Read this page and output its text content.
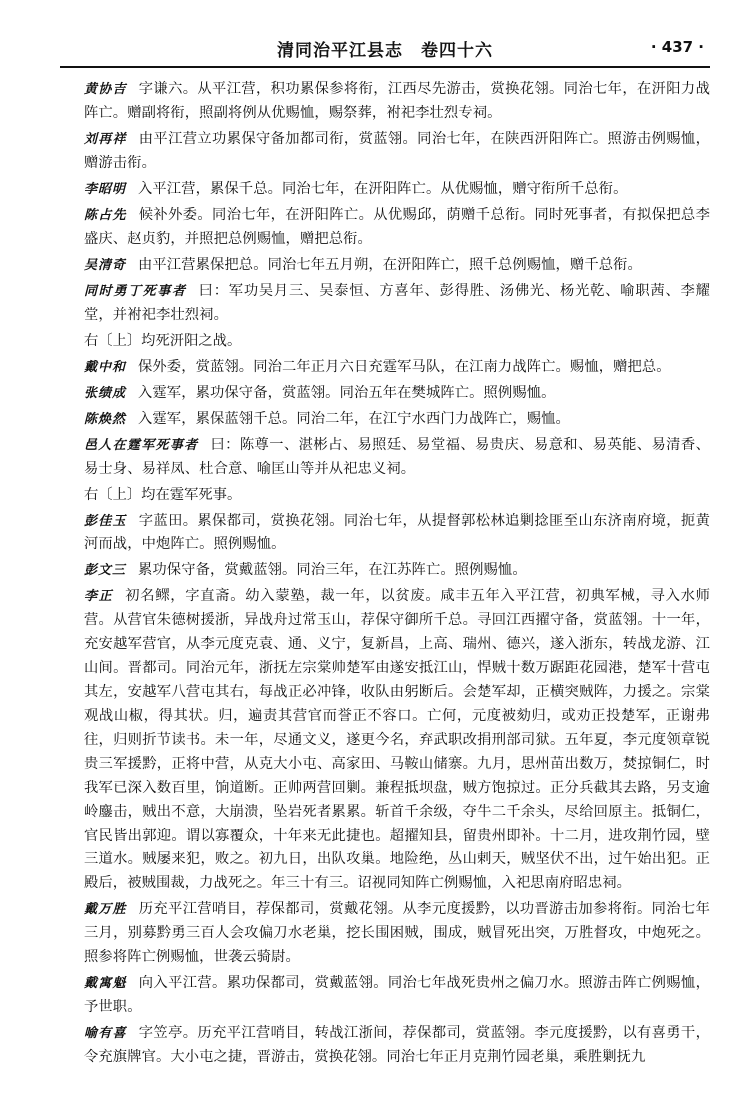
清同治平江县志　卷四十六	· 437 ·

黄协吉 字谦六。从平江营，积功累保参将衔，江西尽先游击，赏换花翎。同治七年，在汧阳力战阵亡。赠副将衔，照副将例从优赐恤，赐祭葬，袝祀李壮烈专祠。

刘再祥 由平江营立功累保守备加都司衔，赏蓝翎。同治七年，在陕西汧阳阵亡。照游击例赐恤，赠游击衔。

李昭明 入平江营，累保千总。同治七年，在汧阳阵亡。从优赐恤，赠守衔所千总衔。

陈占先 候补外委。同治七年，在汧阳阵亡。从优赐邱，荫赠千总衔。同时死事者，有拟保把总李盛庆、赵贞豹，并照把总例赐恤，赠把总衔。

吴清奇 由平江营累保把总。同治七年五月朔，在汧阳阵亡，照千总例赐恤，赠千总衔。

同时勇丁死事者 曰：军功吴月三、吴泰恒、方喜年、彭得胜、汤佛光、杨光乾、喻职茜、李耀堂，并袝祀李壮烈祠。

右〔上〕均死汧阳之战。

戴中和 保外委，赏蓝翎。同治二年正月六日充霆军马队，在江南力战阵亡。赐恤，赠把总。

张绩成 入霆军，累功保守备，赏蓝翎。同治五年在樊城阵亡。照例赐恤。

陈焕然 入霆军，累保蓝翎千总。同治二年，在江宁水西门力战阵亡，赐恤。

邑人在霆军死事者 曰：陈尊一、湛彬占、易照廷、易堂福、易贵庆、易意和、易英能、易清香、易士身、易祥凤、杜合意、喻匡山等并从祀忠义祠。

右〔上〕均在霆军死事。

彭佳玉 字蓝田。累保都司，赏换花翎。同治七年，从提督郭松林追剿捻匪至山东济南府境，扼黄河而战，中炮阵亡。照例赐恤。

彭文三 累功保守备，赏戴蓝翎。同治三年，在江苏阵亡。照例赐恤。

李正 初名鳏，字直斋。幼入蒙塾，裁一年，以贫废。咸丰五年入平江营，初典军械，寻入水师营。从营官朱德树援浙，异战舟过常玉山，荐保守御所千总。寻回江西擢守备，赏蓝翎。十一年，充安越军营官，从李元度克袁、通、义宁，复新昌，上高、瑞州、德兴，遂入浙东，转战龙游、江山间。晋都司。同治元年，浙抚左宗棠帅楚军由遂安抵江山，悍贼十数万踞距花园港，楚军十营屯其左，安越军八营屯其右，每战正必冲锋，收队由躬断后。会楚军却，正横突贼阵，力援之。宗棠观战山椒，得其状。归，遍责其营官而誉正不容口。亡何，元度被劾归，或劝正投楚军，正谢弗往，归则折节读书。未一年，尽通文义，遂更今名，弃武职改捐刑部司狱。五年夏，李元度领章锐贵三军援黔，正将中营，从克大小屯、高家田、马鞍山储寨。九月，思州苗出数万，焚掠铜仁，时我军已深入数百里，饷道断。正帅两营回剿。兼程抵坝盘，贼方饱掠过。正分兵截其去路，另支逾岭鏖击，贼出不意，大崩溃，坠岩死者累累。斩首千余级，夺牛二千余头，尽给回原主。抵铜仁，官民皆出郭迎。谓以寡覆众，十年来无此捷也。超擢知县，留贵州即补。十二月，进攻荆竹园，壁三道水。贼屡来犯，败之。初九日，出队攻巢。地险绝，丛山剌天，贼坚伏不出，过午始出犯。正殿后，被贼围裁，力战死之。年三十有三。诏视同知阵亡例赐恤，入祀思南府昭忠祠。

戴万胜 历充平江营哨目，荐保都司，赏戴花翎。从李元度援黔，以功晋游击加参将衔。同治七年三月，别募黔勇三百人会攻偏刀水老巢，挖长围困贼，围成，贼冒死出突，万胜督攻，中炮死之。照参将阵亡例赐恤，世袭云骑尉。

戴寓魁 向入平江营。累功保都司，赏戴蓝翎。同治七年战死贵州之偏刀水。照游击阵亡例赐恤，予世职。

喻有喜 字笠亭。历充平江营哨目，转战江浙间，荐保都司，赏蓝翎。李元度援黔，以有喜勇干，令充旗牌官。大小屯之捷，晋游击，赏换花翎。同治七年正月克荆竹园老巢，乘胜剿抚九
